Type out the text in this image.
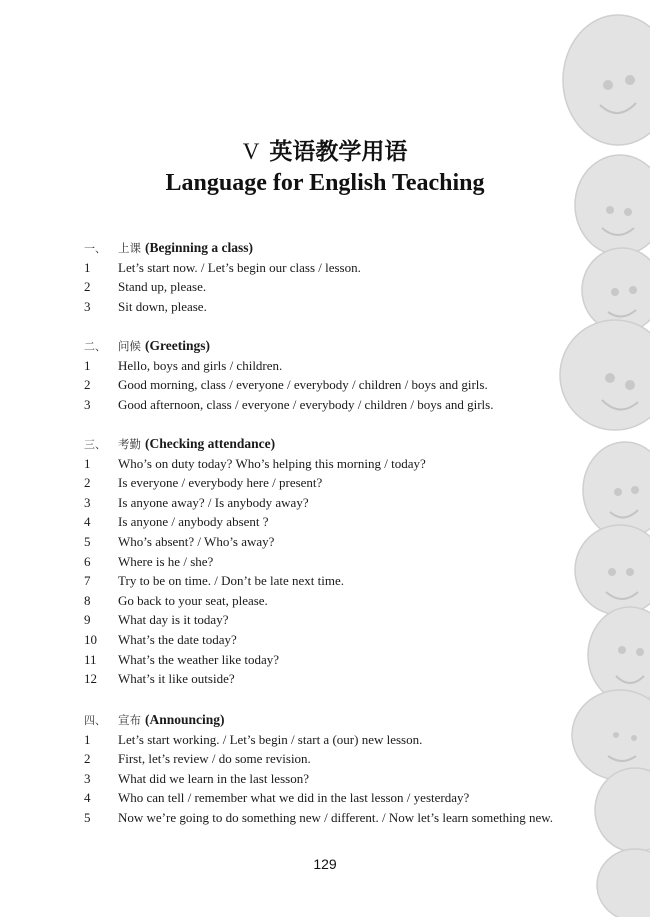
V 英语教学用语
Language for English Teaching
一、 上课 (Beginning a class)
1 Let’s start now. / Let’s begin our class / lesson.
2 Stand up, please.
3 Sit down, please.
二、 问候 (Greetings)
1 Hello, boys and girls / children.
2 Good morning, class / everyone / everybody / children / boys and girls.
3 Good afternoon, class / everyone / everybody / children / boys and girls.
三、 考勤 (Checking attendance)
1 Who’s on duty today? Who’s helping this morning / today?
2 Is everyone / everybody here / present?
3 Is anyone away? / Is anybody away?
4 Is anyone / anybody absent ?
5 Who’s absent? / Who’s away?
6 Where is he / she?
7 Try to be on time. / Don’t be late next time.
8 Go back to your seat, please.
9 What day is it today?
10 What’s the date today?
11 What’s the weather like today?
12 What’s it like outside?
四、 宣布 (Announcing)
1 Let’s start working. / Let’s begin / start a (our) new lesson.
2 First, let’s review / do some revision.
3 What did we learn in the last lesson?
4 Who can tell / remember what we did in the last lesson / yesterday?
5 Now we’re going to do something new / different. / Now let’s learn something new.
129
